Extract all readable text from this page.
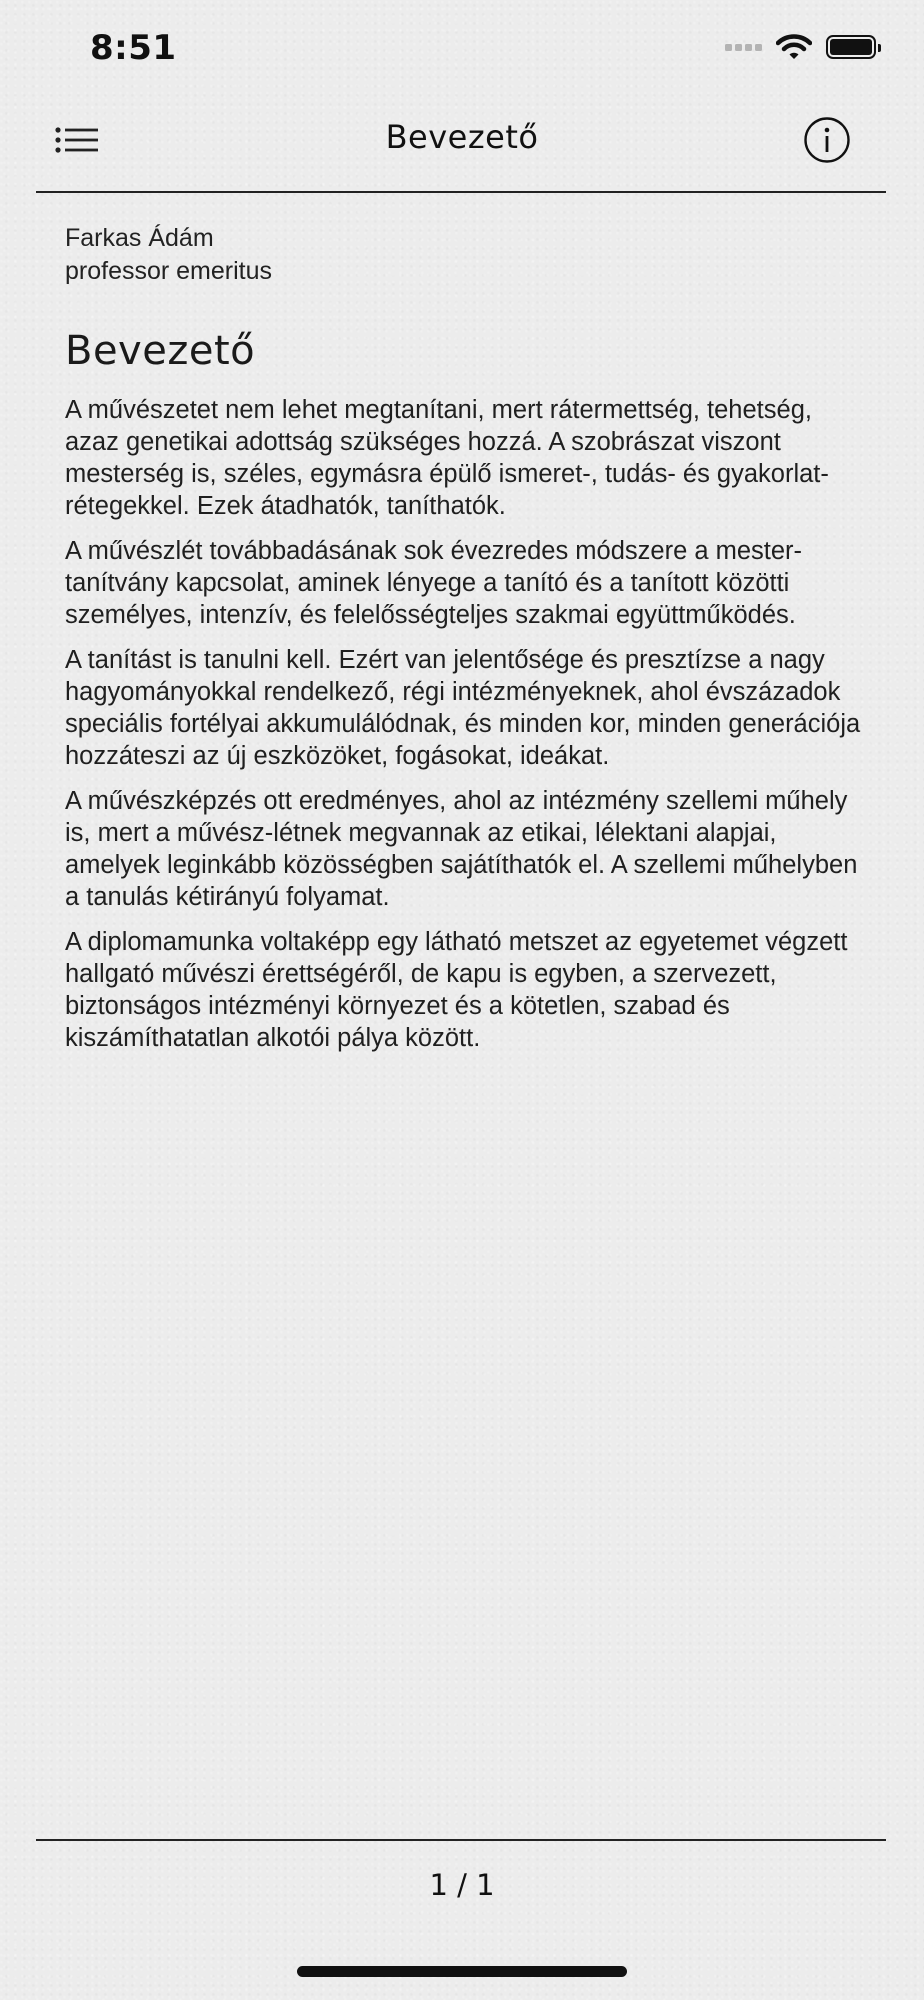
8:51
Bevezető
Farkas Ádám
professor emeritus
Bevezető

A művészetet nem lehet megtanítani, mert rátermettség, tehetség, azaz genetikai adottság szükséges hozzá. A szobrászat viszont mesterség is, széles, egymásra épülő ismeret-, tudás- és gyakorlat- rétegekkel. Ezek átadhatók, taníthatók.

A művészlét továbbadásának sok évezredes módszere a mester-tanítvány kapcsolat, aminek lényege a tanító és a tanított közötti személyes, intenzív, és felelősségteljes szakmai együttműködés.

A tanítást is tanulni kell. Ezért van jelentősége és presztízse a nagy hagyományokkal rendelkező, régi intézményeknek, ahol évszázadok speciális fortélyai akkumulálódnak, és minden kor, minden generációja hozzáteszi az új eszközöket, fogásokat, ideákat.

A művészképzés ott eredményes, ahol az intézmény szellemi műhely is, mert a művész-létnek megvannak az etikai, lélektani alapjai, amelyek leginkább közösségben sajátíthatók el. A szellemi műhelyben a tanulás kétirányú folyamat.

A diplomamunka voltaképp egy látható metszet az egyetemet végzett hallgató művészi érettségéről, de kapu is egyben, a szervezett, biztonságos intézményi környezet és a kötetlen, szabad és kiszámíthatatlan alkotói pálya között.

1 / 1
